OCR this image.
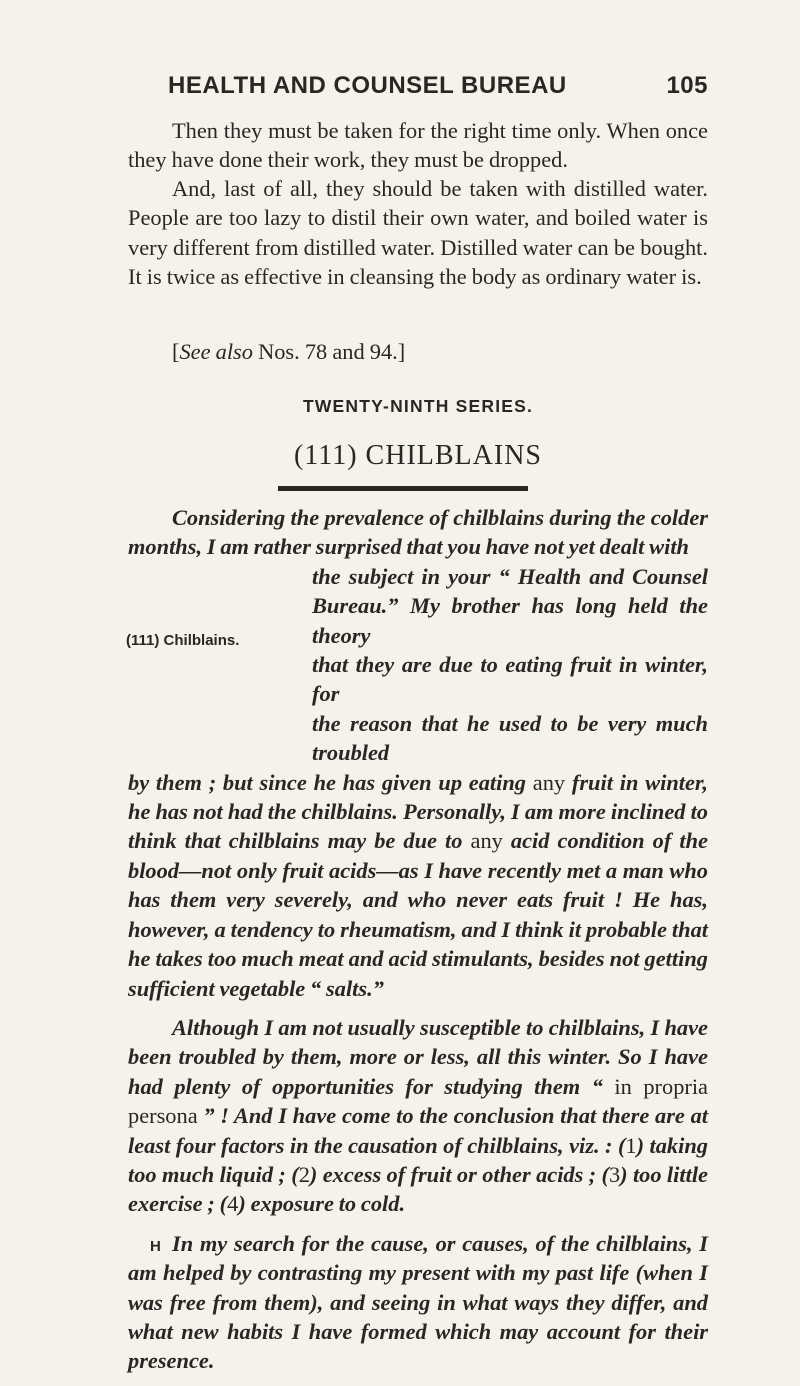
HEALTH AND COUNSEL BUREAU	105

Then they must be taken for the right time only. When once they have done their work, they must be dropped.

And, last of all, they should be taken with distilled water. People are too lazy to distil their own water, and boiled water is very different from distilled water. Distilled water can be bought. It is twice as effective in cleansing the body as ordinary water is.

[See also Nos. 78 and 94.]

TWENTY-NINTH SERIES.
(111) CHILBLAINS
(111) Chilblains.

Considering the prevalence of chilblains during the colder months, I am rather surprised that you have not yet dealt with

the subject in your “ Health and Counsel
Bureau.” My brother has long held the theory
that they are due to eating fruit in winter, for
the reason that he used to be very much troubled

by them ; but since he has given up eating any fruit in winter, he has not had the chilblains. Personally, I am more inclined to think that chilblains may be due to any acid condition of the blood—not only fruit acids—as I have recently met a man who has them very severely, and who never eats fruit ! He has, however, a tendency to rheumatism, and I think it probable that he takes too much meat and acid stimulants, besides not getting sufficient vegetable “ salts.”

Although I am not usually susceptible to chilblains, I have been troubled by them, more or less, all this winter. So I have had plenty of opportunities for studying them “ in propria persona ” ! And I have come to the conclusion that there are at least four factors in the causation of chilblains, viz. : (1) taking too much liquid ; (2) excess of fruit or other acids ; (3) too little exercise ; (4) exposure to cold.

In my search for the cause, or causes, of the chilblains, I am helped by contrasting my present with my past life (when I was free from them), and seeing in what ways they differ, and what new habits I have formed which may account for their presence.

H
